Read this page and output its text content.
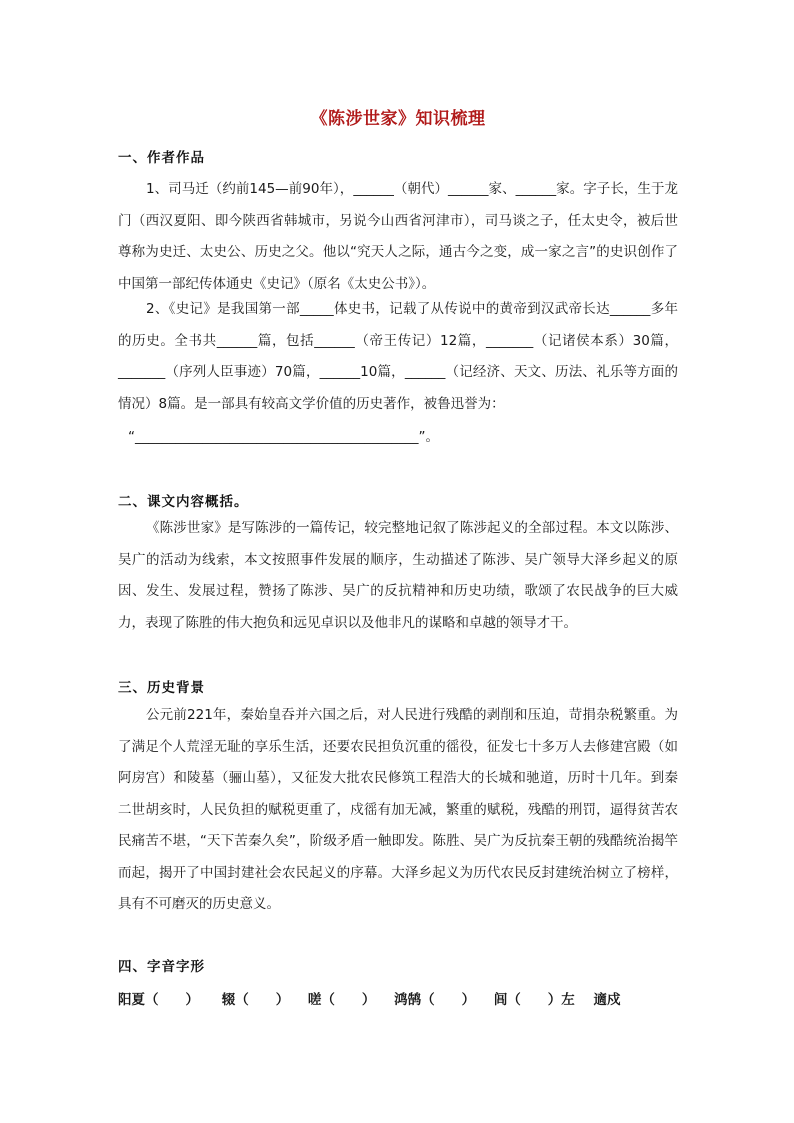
《陈涉世家》知识梳理
一、作者作品
1、司马迁（约前145—前90年），______（朝代）______家、______家。字子长，生于龙门（西汉夏阳、即今陕西省韩城市，另说今山西省河津市），司马谈之子，任太史令，被后世尊称为史迁、太史公、历史之父。他以“究天人之际，通古今之变，成一家之言”的史识创作了中国第一部纪传体通史《史记》（原名《太史公书》）。
2、《史记》是我国第一部_____体史书，记载了从传说中的黄帝到汉武帝长达______多年的历史。全书共______篇，包括______（帝王传记）12篇，_______（记诸侯本系）30篇，_______（序列人臣事迹）70篇，______10篇，______（记经济、天文、历法、礼乐等方面的情况）8篇。是一部具有较高文学价值的历史著作，被鲁迅誉为：
“__________________________________________”。
二、课文内容概括。
《陈涉世家》是写陈涉的一篇传记，较完整地记叙了陈涉起义的全部过程。本文以陈涉、吴广的活动为线索，本文按照事件发展的顺序，生动描述了陈涉、吴广领导大泽乡起义的原因、发生、发展过程，赞扬了陈涉、吴广的反抗精神和历史功绩，歌颂了农民战争的巨大威力，表现了陈胜的伟大抱负和远见卓识以及他非凡的谋略和卓越的领导才干。
三、历史背景
公元前221年，秦始皇吞并六国之后，对人民进行残酷的剥削和压迫，苛捐杂税繁重。为了满足个人荒淫无耻的享乐生活，还要农民担负沉重的徭役，征发七十多万人去修建宫殿（如阿房宫）和陵墓（骊山墓），又征发大批农民修筑工程浩大的长城和驰道，历时十几年。到秦二世胡亥时，人民负担的赋税更重了，戍徭有加无减，繁重的赋税，残酷的刑罚，逼得贫苦农民痛苦不堪，“天下苦秦久矣”，阶级矛盾一触即发。陈胜、吴广为反抗秦王朝的残酷统治揭竿而起，揭开了中国封建社会农民起义的序幕。大泽乡起义为历代农民反封建统治树立了榜样，具有不可磨灭的历史意义。
四、字音字形
阳夏（　　） 辍（　　） 嗟（　　） 鸿鹄（　　） 闾（　　）左 適戍
